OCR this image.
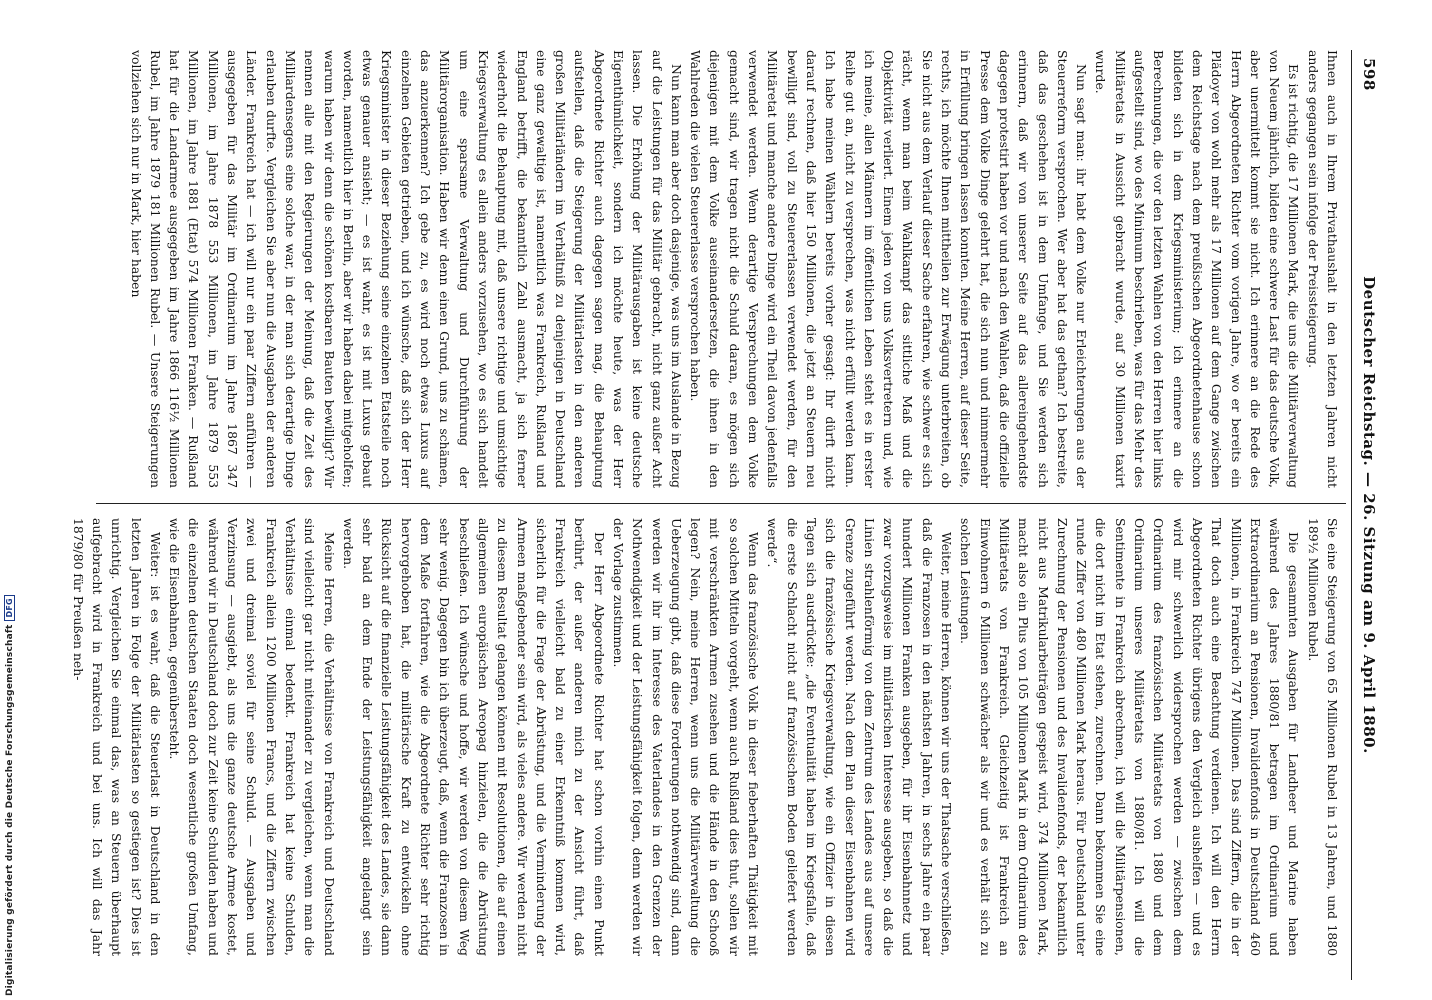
598
Deutscher Reichstag. — 26. Sitzung am 9. April 1880.

Ihnen auch in Ihrem Privathaushalt in den letzten Jahren nicht anders gegangen sein infolge der Preissteigerung.

Es ist richtig, die 17 Millionen Mark, die uns die Militärverwaltung von Neuem jährlich, bilden eine schwere Last für das deutsche Volk, aber unermittelt kommt sie nicht. Ich erinnere an die Rede des Herrn Abgeordneten Richter vom vorigen Jahre, wo er bereits ein Plädoyer von wohl mehr als 17 Millionen auf dem Gange zwischen dem Reichstage nach dem preußischen Abgeordnetenhause schon bildeten sich in dem Kriegsministerium; ich erinnere an die Berechnungen, die vor den letzten Wahlen von den Herren hier links aufgestellt sind, wo des Minimum beschrieben, was für das Mehr des Militäretats in Aussicht gebracht wurde, auf 30 Millionen taxirt wurde.

Nun sagt man: ihr habt dem Volke nur Erleichterungen aus der Steuerreform versprochen. Wer aber hat das gethan? Ich bestreite, daß das geschehen ist in dem Umfange, und Sie werden sich erinnern, daß wir von unserer Seite auf das allereingehendste dagegen protestirt haben vor und nach den Wahlen, daß die offizielle Presse dem Volke Dinge gelehrt hat, die sich nun und nimmermehr in Erfüllung bringen lassen konnten. Meine Herren, auf dieser Seite, rechts, ich möchte Ihnen mittheilen zur Erwägung unterbreiten, ob Sie nicht aus dem Verlauf dieser Sache erfahren, wie schwer es sich rächt, wenn man beim Wahlkampf das sittliche Maß und die Objektivität verliert. Einem jeden von uns Volksvertretern und, wie ich meine, allen Männern im öffentlichen Leben steht es in erster Reihe gut an, nicht zu versprechen, was nicht erfüllt werden kann. Ich habe meinen Wählern bereits vorher gesagt: Ihr dürft nicht darauf rechnen, daß hier 150 Millionen, die jetzt an Steuern neu bewilligt sind, voll zu Steuererlassen verwendet werden, für den Militäretat und manche andere Dinge wird ein Theil davon jedenfalls verwendet werden. Wenn derartige Versprechungen dem Volke gemacht sind, wir tragen nicht die Schuld daran, es mögen sich diejenigen mit dem Volke auseinandersetzen, die ihnen in den Wahlreden die vielen Steuererlasse versprochen haben.

Nun kann man aber doch dasjenige, was uns im Auslande in Bezug auf die Leistungen für das Militär gebracht, nicht ganz außer Acht lassen. Die Erhöhung der Militärausgaben ist keine deutsche Eigenthümlichkeit, sondern ich möchte heute, was der Herr Abgeordnete Richter auch dagegen sagen mag, die Behauptung aufstellen, daß die Steigerung der Militärlasten in den anderen großen Militärländern im Verhältniß zu denjenigen in Deutschland eine ganz gewaltige ist, namentlich was Frankreich, Rußland und England betrifft, die bekanntlich Zahl ausmacht, ja sich ferner wiederholt die Behauptung mit, daß unsere richtige und umsichtige Kriegsverwaltung es allein anders vorzusehen, wo es sich handelt um eine sparsame Verwaltung und Durchführung der Militärorganisation. Haben wir denn einen Grund, uns zu schämen, das anzuerkennen? Ich gebe zu, es wird noch etwas Luxus auf einzelnen Gebieten getrieben, und ich wünsche, daß sich der Herr Kriegsminister in dieser Beziehung seine einzelnen Etatsteile noch etwas genauer ansieht; — es ist wahr, es ist mit Luxus gebaut worden, namentlich hier in Berlin, aber wir haben dabei mitgeholfen; warum haben wir denn die schönen kostbaren Bauten bewilligt? Wir nennen alle mit den Regierungen der Meinung, daß die Zeit des Milliardensegens eine solche war, in der man sich derartige Dinge erlauben durfte. Vergleichen Sie aber nun die Ausgaben der anderen Länder. Frankreich hat — ich will nur ein paar Ziffern anführen — ausgegeben für das Militär im Ordinarium im Jahre 1867 347 Millionen, im Jahre 1878 553 Millionen, im Jahre 1879 553 Millionen, im Jahre 1881 (Etat) 574 Millionen Franken. — Rußland hat für die Landarmee ausgegeben im Jahre 1866 116½ Millionen Rubel, im Jahre 1879 181 Millionen Rubel. — Unsere Steigerungen vollziehen sich nur in Mark, hier haben

Sie eine Steigerung von 65 Millionen Rubel in 13 Jahren, und 1880 189½ Millionen Rubel.

Die gesammten Ausgaben für Landheer und Marine haben während des Jahres 1880/81 betragen im Ordinarium und Extraordinarium an Pensionen, Invalidenfonds in Deutschland 460 Millionen, in Frankreich 747 Millionen. Das sind Ziffern, die in der That doch auch eine Beachtung verdienen. Ich will den Herrn Abgeordneten Richter übrigens den Vergleich aushelfen — und es wird mir schwerlich widersprochen werden — zwischen dem Ordinarium des französischen Militäretats von 1880 und dem Ordinarium unseres Militäretats von 1880/81. Ich will die Sentimente in Frankreich abrechnen, ich will die Militärpensionen, die dort nicht im Etat stehen, zurechnen. Dann bekommen Sie eine runde Ziffer von 480 Millionen Mark heraus. Für Deutschland unter Zurechnung der Pensionen und des Invalidenfonds, der bekanntlich nicht aus Matrikularbeiträgen gespeist wird, 374 Millionen Mark, macht also ein Plus von 105 Millionen Mark in dem Ordinarium des Militäretats von Frankreich. Gleichzeitig ist Frankreich an Einwohnern 6 Millionen schwächer als wir und es verhält sich zu solchen Leistungen.

Weiter, meine Herren, können wir uns der Thatsache verschließen, daß die Franzosen in den nächsten Jahren, in sechs Jahre ein paar hundert Millionen Franken ausgeben, für ihr Eisenbahnnetz und zwar vorzugsweise im militärischen Interesse ausgeben, so daß die Linien strahlenförmig von dem Zentrum des Landes aus auf unsere Grenze zugeführt werden. Nach dem Plan dieser Eisenbahnen wird sich die französische Kriegsverwaltung, wie ein Offizier in diesen Tagen sich ausdrückte: „die Eventualität haben im Kriegsfalle, daß die erste Schlacht nicht auf französischem Boden geliefert werden werde“.

Wenn das französische Volk in dieser fieberhaften Thätigkeit mit so solchen Mitteln vorgeht, wenn auch Rußland dies thut, sollen wir mit verschränkten Armen zusehen und die Hände in den Schooß legen? Nein, meine Herren, wenn uns die Militärverwaltung die Ueberzeugung gibt, daß diese Forderungen nothwendig sind, dann werden wir ihr im Interesse des Vaterlandes in den Grenzen der Nothwendigkeit und der Leistungsfähigkeit folgen, denn werden wir der Vorlage zustimmen.

Der Herr Abgeordnete Richter hat schon vorhin einen Punkt berührt, der außer anderen mich zu der Ansicht führt, daß Frankreich vielleicht bald zu einer Erkenntniß kommen wird, sicherlich für die Frage der Abrüstung, und die Verminderung der Armeen maßgebender sein wird, als vieles andere. Wir werden nicht zu diesem Resultat gelangen können mit Resolutionen, die auf einen allgemeinen europäischen Areopag hinzielen, die die Abrüstung beschließen. Ich wünsche und hoffe, wir werden von diesem Weg sehr wenig. Dagegen bin ich überzeugt, daß, wenn die Franzosen in dem Maße fortfahren, wie die Abgeordnete Richter sehr richtig hervorgehoben hat, die militärische Kraft zu entwickeln ohne Rücksicht auf die finanzielle Leistungsfähigkeit des Landes, sie dann sehr bald an dem Ende der Leistungsfähigkeit angelangt sein werden.

Meine Herren, die Verhältnisse von Frankreich und Deutschland sind vielleicht gar nicht miteinander zu vergleichen, wenn man die Verhältnisse einmal bedenkt. Frankreich hat keine Schulden, Frankreich allein 1200 Millionen Francs, und die Ziffern zwischen zwei und dreimal soviel für seine Schuld. — Ausgaben und Verzinsung — ausgiebt, als uns die ganze deutsche Armee kostet, während wir in Deutschland doch zur Zeit keine Schulden haben und die einzelnen deutschen Staaten doch wesentliche großen Umfang, wie die Eisenbahnen, gegenübersteht.

Weiter: ist es wahr, daß die Steuerlast in Deutschland in den letzten Jahren in Folge der Militärlasten so gestiegen ist? Dies ist unrichtig. Vergleichen Sie einmal das, was an Steuern überhaupt aufgebracht wird in Frankreich und bei uns. Ich will das Jahr 1879/80 für Preußen neh-

Digitalisierung gefördert durch die Deutsche ForschungsgemeinschaftDFG
